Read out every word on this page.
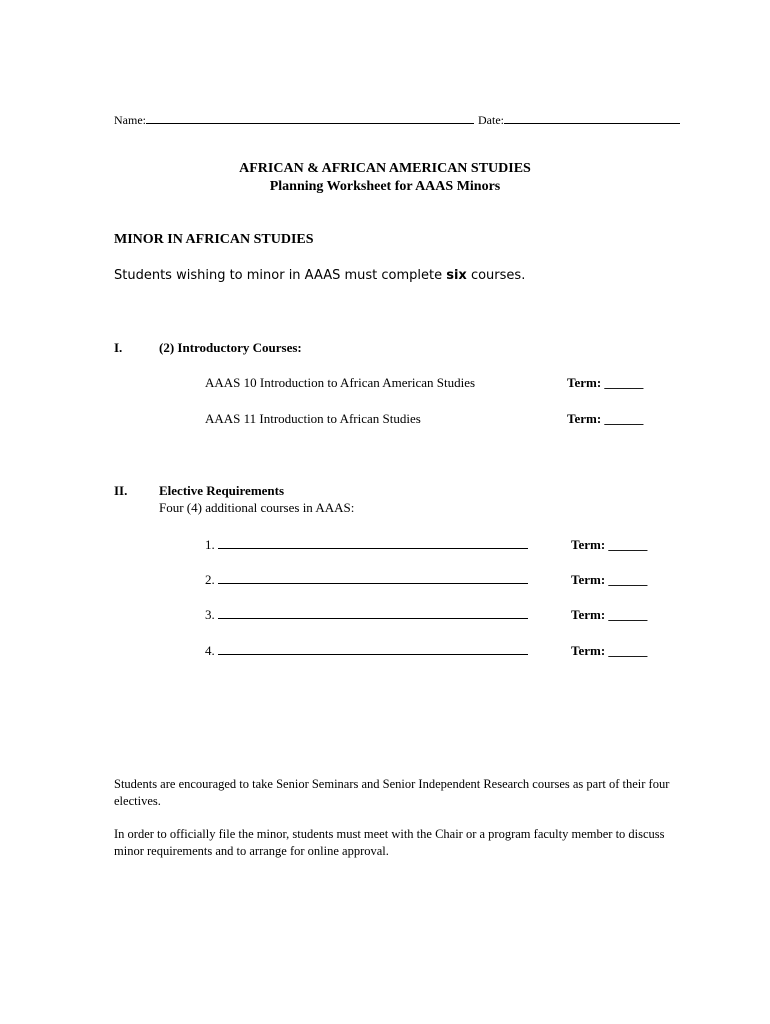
Name:	Date:
AFRICAN & AFRICAN AMERICAN STUDIES
Planning Worksheet for AAAS Minors
MINOR IN AFRICAN STUDIES
Students wishing to minor in AAAS must complete six courses.
I.	(2) Introductory Courses:
AAAS 10 Introduction to African American Studies	Term: ______
AAAS 11 Introduction to African Studies	Term: ______
II. Elective Requirements
Four (4) additional courses in AAAS:
1.	Term: ______
2.	Term: ______
3.	Term: ______
4.	Term: ______
Students are encouraged to take Senior Seminars and Senior Independent Research courses as part of their four electives.
In order to officially file the minor, students must meet with the Chair or a program faculty member to discuss minor requirements and to arrange for online approval.
